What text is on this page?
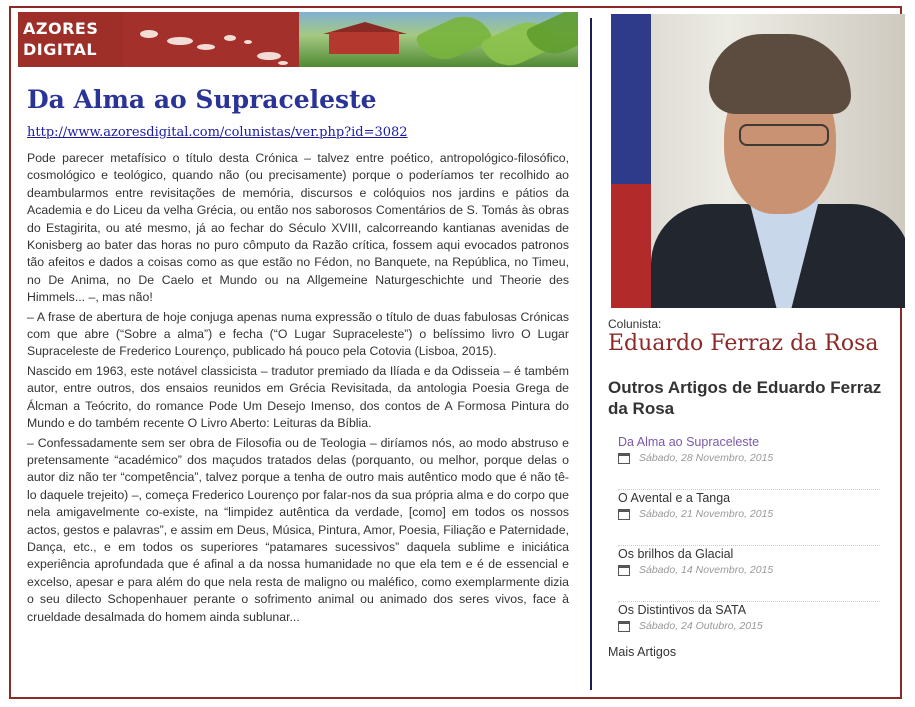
AZORES
DIGITAL
Da Alma ao Supraceleste
http://www.azoresdigital.com/colunistas/ver.php?id=3082

Pode parecer metafísico o título desta Crónica – talvez entre poético, antropológico-filosófico, cosmológico e teológico, quando não (ou precisamente) porque o poderíamos ter recolhido ao deambularmos entre revisitações de memória, discursos e colóquios nos jardins e pátios da Academia e do Liceu da velha Grécia, ou então nos saborosos Comentários de S. Tomás às obras do Estagirita, ou até mesmo, já ao fechar do Século XVIII, calcorreando kantianas avenidas de Konisberg ao bater das horas no puro cômputo da Razão crítica, fossem aqui evocados patronos tão afeitos e dados a coisas como as que estão no Fédon, no Banquete, na República, no Timeu, no De Anima, no De Caelo et Mundo ou na Allgemeine Naturgeschichte und Theorie des Himmels... –, mas não!

– A frase de abertura de hoje conjuga apenas numa expressão o título de duas fabulosas Crónicas com que abre (“Sobre a alma”) e fecha (“O Lugar Supraceleste”) o belíssimo livro O Lugar Supraceleste de Frederico Lourenço, publicado há pouco pela Cotovia (Lisboa, 2015).

Nascido em 1963, este notável classicista – tradutor premiado da Ilíada e da Odisseia – é também autor, entre outros, dos ensaios reunidos em Grécia Revisitada, da antologia Poesia Grega de Álcman a Teócrito, do romance Pode Um Desejo Imenso, dos contos de A Formosa Pintura do Mundo e do também recente O Livro Aberto: Leituras da Bíblia.

– Confessadamente sem ser obra de Filosofia ou de Teologia – diríamos nós, ao modo abstruso e pretensamente “académico” dos maçudos tratados delas (porquanto, ou melhor, porque delas o autor diz não ter “competência”, talvez porque a tenha de outro mais autêntico modo que é não tê-lo daquele trejeito) –, começa Frederico Lourenço por falar-nos da sua própria alma e do corpo que nela amigavelmente co-existe, na “limpidez autêntica da verdade, [como] em todos os nossos actos, gestos e palavras”, e assim em Deus, Música, Pintura, Amor, Poesia, Filiação e Paternidade, Dança, etc., e em todos os superiores “patamares sucessivos” daquela sublime e iniciática experiência aprofundada que é afinal a da nossa humanidade no que ela tem e é de essencial e excelso, apesar e para além do que nela resta de maligno ou maléfico, como exemplarmente dizia o seu dilecto Schopenhauer perante o sofrimento animal ou animado dos seres vivos, face à crueldade desalmada do homem ainda sublunar...

Colunista:
Eduardo Ferraz da Rosa
Outros Artigos de Eduardo Ferraz da Rosa
Da Alma ao Supraceleste
Sábado, 28 Novembro, 2015
O Avental e a Tanga
Sábado, 21 Novembro, 2015
Os brilhos da Glacial
Sábado, 14 Novembro, 2015
Os Distintivos da SATA
Sábado, 24 Outubro, 2015
Mais Artigos
